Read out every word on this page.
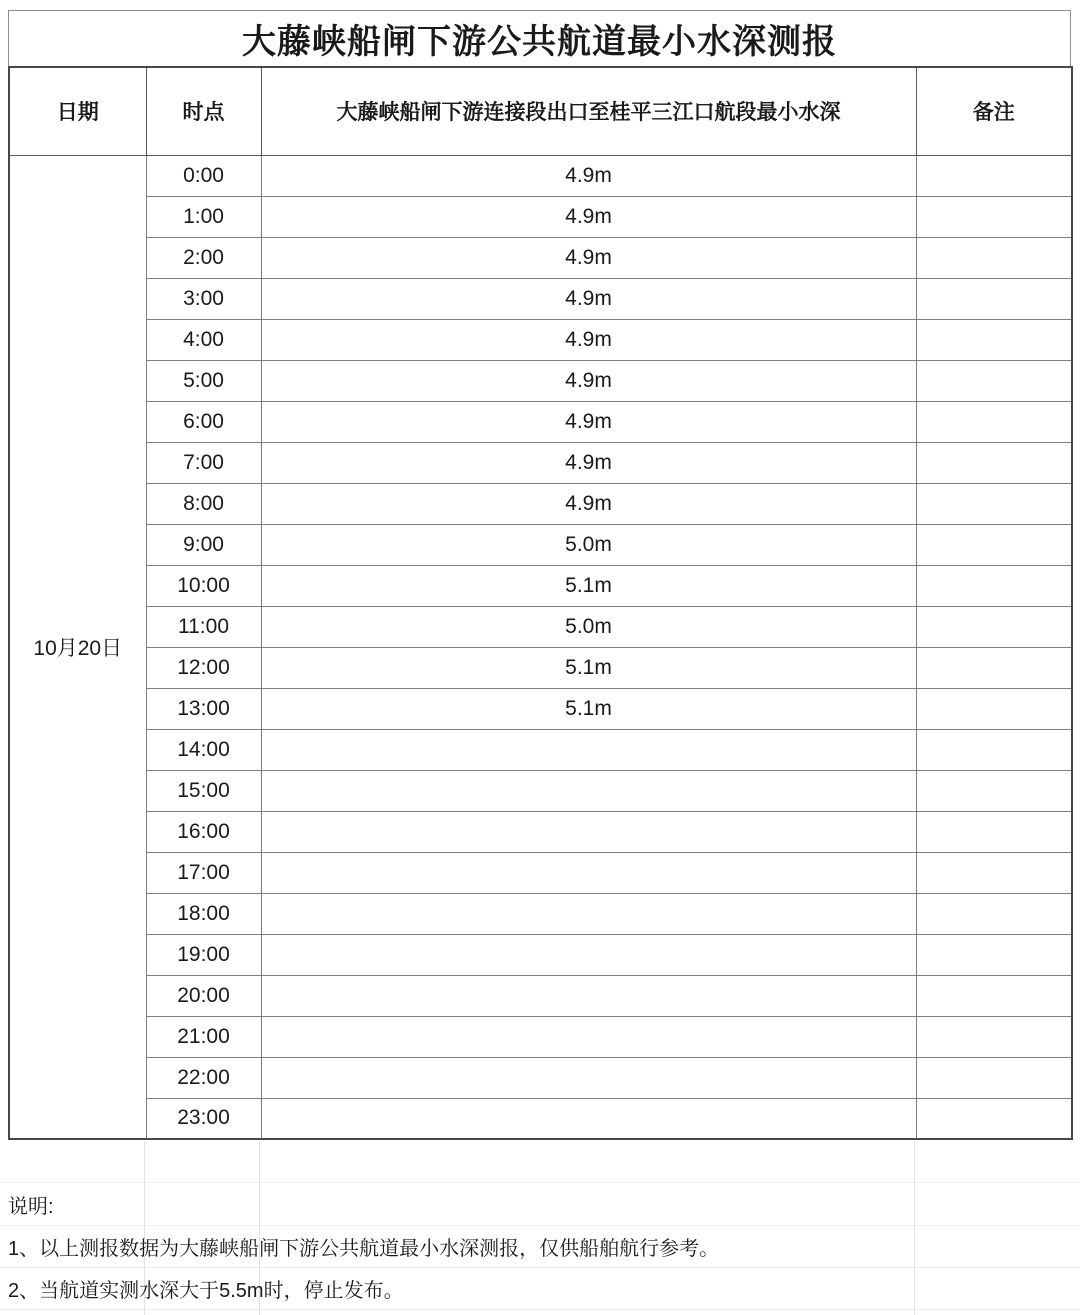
大藤峡船闸下游公共航道最小水深测报
日期	时点	大藤峡船闸下游连接段出口至桂平三江口航段最小水深	备注
10月20日	0:00	4.9m	
	1:00	4.9m	
	2:00	4.9m	
	3:00	4.9m	
	4:00	4.9m	
	5:00	4.9m	
	6:00	4.9m	
	7:00	4.9m	
	8:00	4.9m	
	9:00	5.0m	
	10:00	5.1m	
	11:00	5.0m	
	12:00	5.1m	
	13:00	5.1m	
	14:00		
	15:00		
	16:00		
	17:00		
	18:00		
	19:00		
	20:00		
	21:00		
	22:00		
	23:00		
说明:
1、以上测报数据为大藤峡船闸下游公共航道最小水深测报，仅供船舶航行参考。
2、当航道实测水深大于5.5m时，停止发布。
